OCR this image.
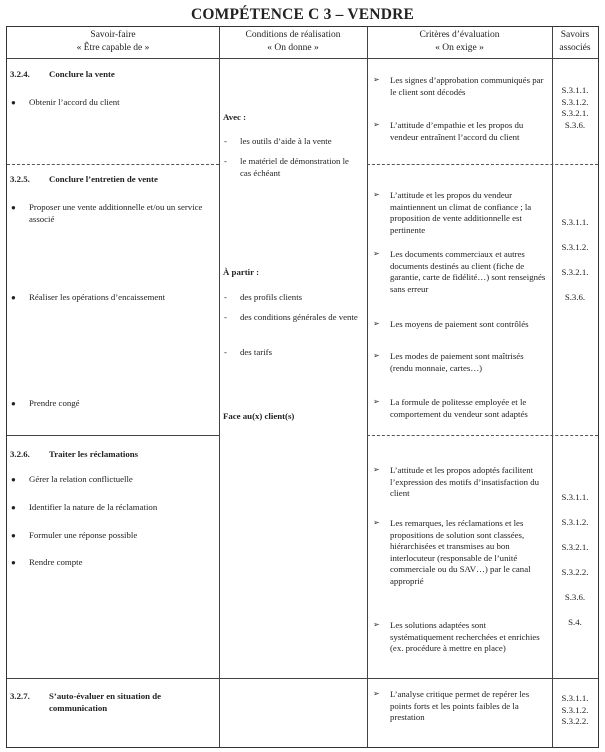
COMPÉTENCE C 3 – VENDRE
Savoir-faire
« Être capable de »
Conditions de réalisation
« On donne »
Critères d’évaluation
« On exige »
Savoirs
associés
3.2.4. Conclure la vente
● Obtenir l’accord du client
➢ Les signes d’approbation communiqués par le client sont décodés
➢ L’attitude d’empathie et les propos du vendeur entraînent l’accord du client
S.3.1.1.
S.3.1.2.
S.3.2.1.
S.3.6.
Avec :
- les outils d’aide à la vente
- le matériel de démonstration le cas échéant
À partir :
- des profils clients
- des conditions générales de vente
- des tarifs
Face au(x) client(s)
3.2.5. Conclure l’entretien de vente
● Proposer une vente additionnelle et/ou un service associé
● Réaliser les opérations d’encaissement
● Prendre congé
➢ L’attitude et les propos du vendeur maintiennent un climat de confiance ; la proposition de vente additionnelle est pertinente
➢ Les documents commerciaux et autres documents destinés au client (fiche de garantie, carte de fidélité…) sont renseignés sans erreur
➢ Les moyens de paiement sont contrôlés
➢ Les modes de paiement sont maîtrisés (rendu monnaie, cartes…)
➢ La formule de politesse employée et le comportement du vendeur sont adaptés
S.3.1.1.
S.3.1.2.
S.3.2.1.
S.3.6.
3.2.6. Traiter les réclamations
● Gérer la relation conflictuelle
● Identifier la nature de la réclamation
● Formuler une réponse possible
● Rendre compte
➢ L’attitude et les propos adoptés facilitent l’expression des motifs d’insatisfaction du client
➢ Les remarques, les réclamations et les propositions de solution sont classées, hiérarchisées et transmises au bon interlocuteur (responsable de l’unité commerciale ou du SAV…) par le canal approprié
➢ Les solutions adaptées sont systématiquement recherchées et enrichies (ex. procédure à mettre en place)
S.3.1.1.
S.3.1.2.
S.3.2.1.
S.3.2.2.
S.3.6.
S.4.
3.2.7. S’auto-évaluer en situation de communication
➢ L’analyse critique permet de repérer les points forts et les points faibles de la prestation
S.3.1.1.
S.3.1.2.
S.3.2.2.
